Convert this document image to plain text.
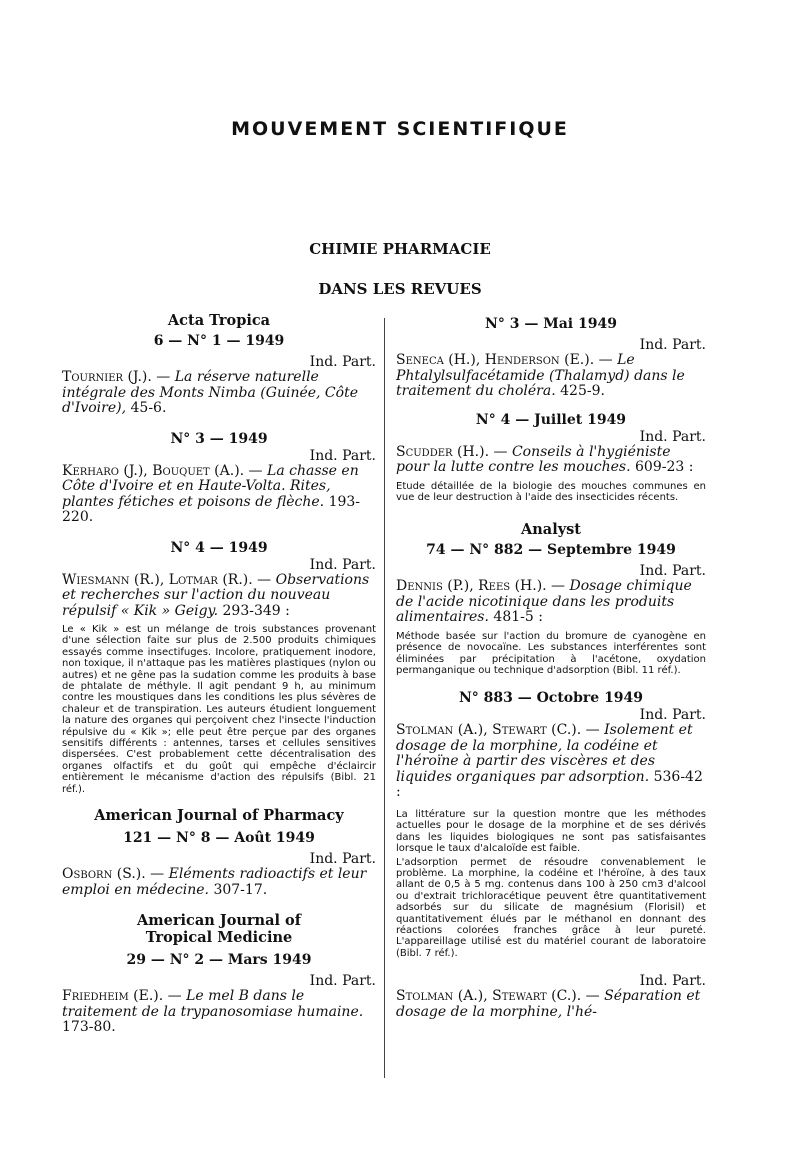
MOUVEMENT SCIENTIFIQUE
CHIMIE PHARMACIE
DANS LES REVUES
Acta Tropica
6 — N° 1 — 1949
Ind. Part.
Tournier (J.). — La réserve naturelle intégrale des Monts Nimba (Guinée, Côte d'Ivoire), 45-6.
N° 3 — 1949
Ind. Part.
Kerharo (J.), Bouquet (A.). — La chasse en Côte d'Ivoire et en Haute-Volta. Rites, plantes fétiches et poisons de flèche. 193-220.
N° 4 — 1949
Ind. Part.
Wiesmann (R.), Lotmar (R.). — Observations et recherches sur l'action du nouveau répulsif « Kik » Geigy. 293-349 :
Le « Kik » est un mélange de trois substances provenant d'une sélection faite sur plus de 2.500 produits chimiques essayés comme insectifuges. Incolore, pratiquement inodore, non toxique, il n'attaque pas les matières plastiques (nylon ou autres) et ne gêne pas la sudation comme les produits à base de phtalate de méthyle. Il agit pendant 9 h, au minimum contre les moustiques dans les conditions les plus sévères de chaleur et de transpiration. Les auteurs étudient longuement la nature des organes qui perçoivent chez l'insecte l'induction répulsive du « Kik »; elle peut être perçue par des organes sensitifs différents : antennes, tarses et cellules sensitives dispersées. C'est probablement cette décentralisation des organes olfactifs et du goût qui empêche d'éclaircir entièrement le mécanisme d'action des répulsifs (Bibl. 21 réf.).
American Journal of Pharmacy
121 — N° 8 — Août 1949
Ind. Part.
Osborn (S.). — Eléments radioactifs et leur emploi en médecine. 307-17.
American Journal of Tropical Medicine
29 — N° 2 — Mars 1949
Ind. Part.
Friedheim (E.). — Le mel B dans le traitement de la trypanosomiase humaine. 173-80.
N° 3 — Mai 1949
Ind. Part.
Seneca (H.), Henderson (E.). — Le Phtalylsulfacétamide (Thalamyd) dans le traitement du choléra. 425-9.
N° 4 — Juillet 1949
Ind. Part.
Scudder (H.). — Conseils à l'hygiéniste pour la lutte contre les mouches. 609-23 :
Etude détaillée de la biologie des mouches communes en vue de leur destruction à l'aide des insecticides récents.
Analyst
74 — N° 882 — Septembre 1949
Ind. Part.
Dennis (P.), Rees (H.). — Dosage chimique de l'acide nicotinique dans les produits alimentaires. 481-5 :
Méthode basée sur l'action du bromure de cyanogène en présence de novocaïne. Les substances interférentes sont éliminées par précipitation à l'acétone, oxydation permanganique ou technique d'adsorption (Bibl. 11 réf.).
N° 883 — Octobre 1949
Ind. Part.
Stolman (A.), Stewart (C.). — Isolement et dosage de la morphine, la codéine et l'héroïne à partir des viscères et des liquides organiques par adsorption. 536-42 :
La littérature sur la question montre que les méthodes actuelles pour le dosage de la morphine et de ses dérivés dans les liquides biologiques ne sont pas satisfaisantes lorsque le taux d'alcaloïde est faible.
L'adsorption permet de résoudre convenablement le problème. La morphine, la codéine et l'héroïne, à des taux allant de 0,5 à 5 mg. contenus dans 100 à 250 cm3 d'alcool ou d'extrait trichloracétique peuvent être quantitativement adsorbés sur du silicate de magnésium (Florisil) et quantitativement élués par le méthanol en donnant des réactions colorées franches grâce à leur pureté. L'appareillage utilisé est du matériel courant de laboratoire (Bibl. 7 réf.).
Ind. Part.
Stolman (A.), Stewart (C.). — Séparation et dosage de la morphine, l'hé-
